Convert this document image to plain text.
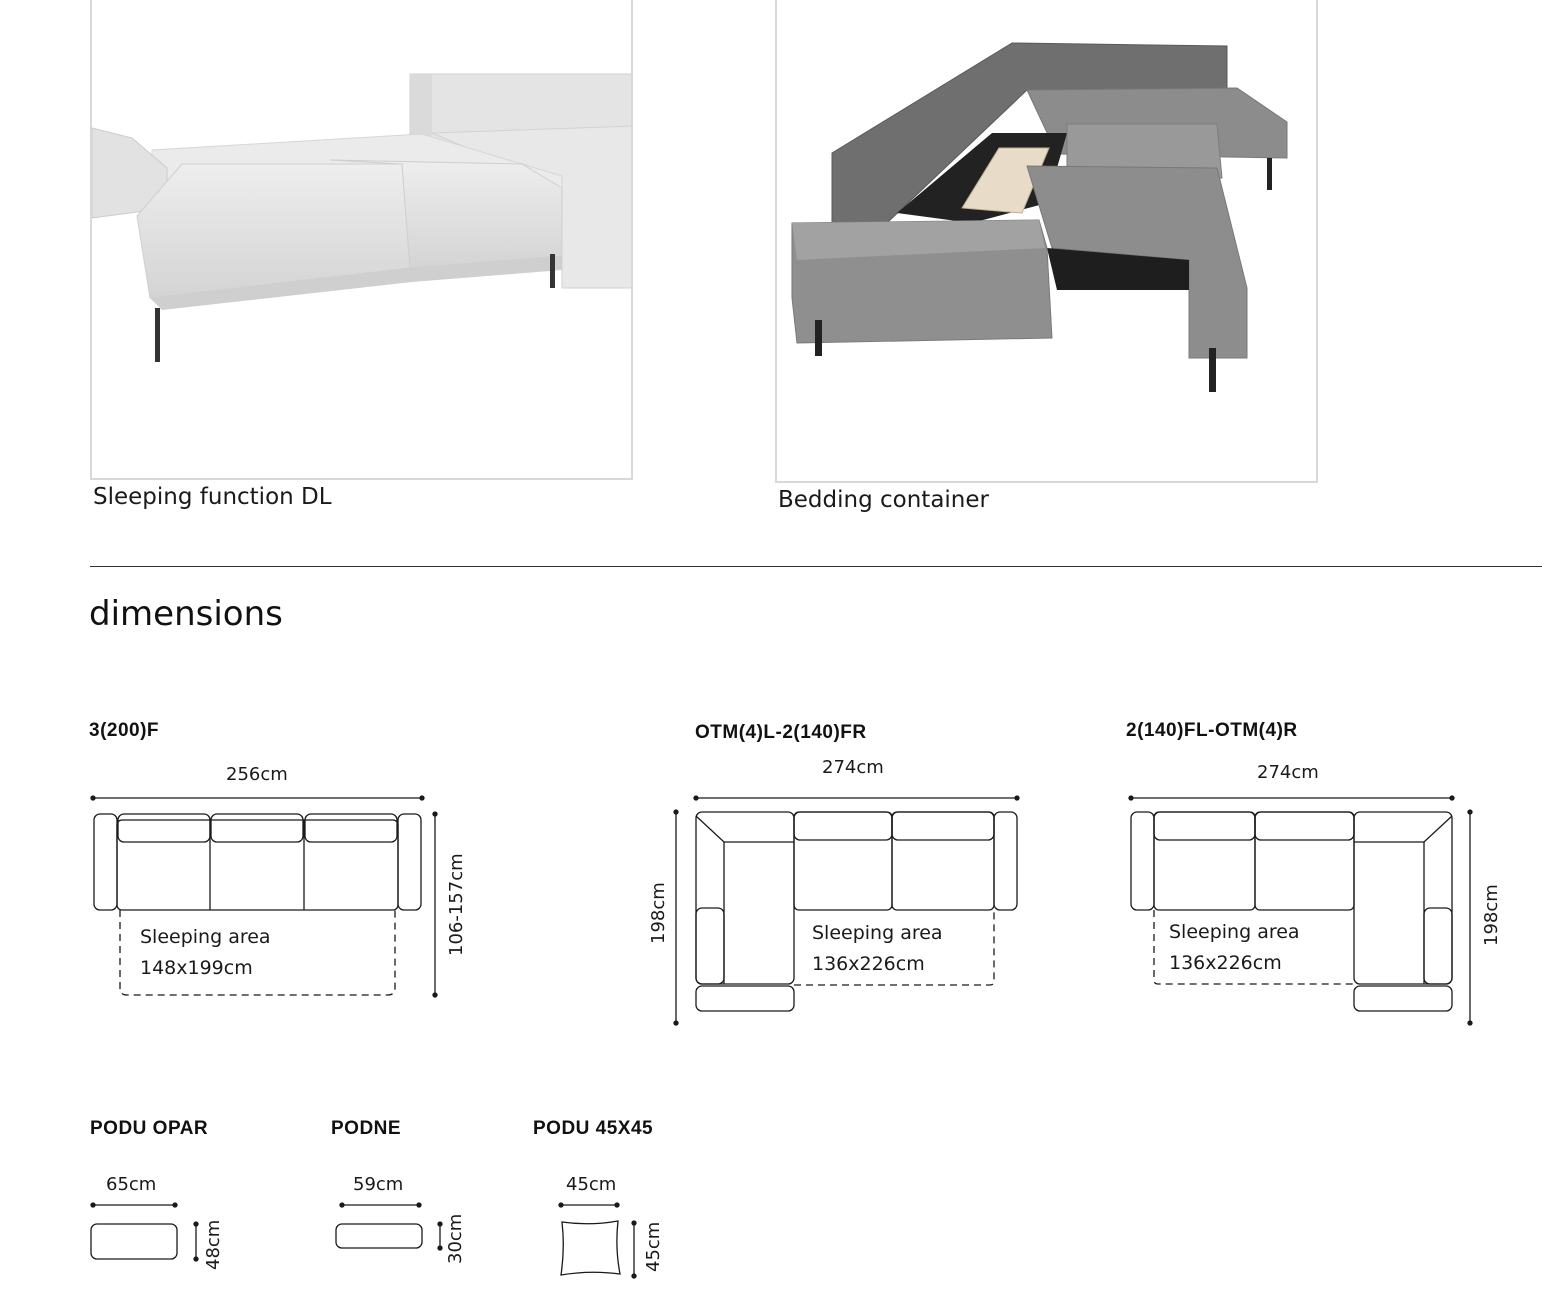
Sleeping function DL	Bedding container
dimensions
3(200)F
256cm
106-157cm
Sleeping area
148x199cm
OTM(4)L-2(140)FR
274cm
198cm	Sleeping area
136x226cm
2(140)FL-OTM(4)R
274cm
198cm
Sleeping area
136x226cm
PODU OPAR
65cm
48cm
PODNE
59cm
30cm
PODU 45X45
45cm
45cm
